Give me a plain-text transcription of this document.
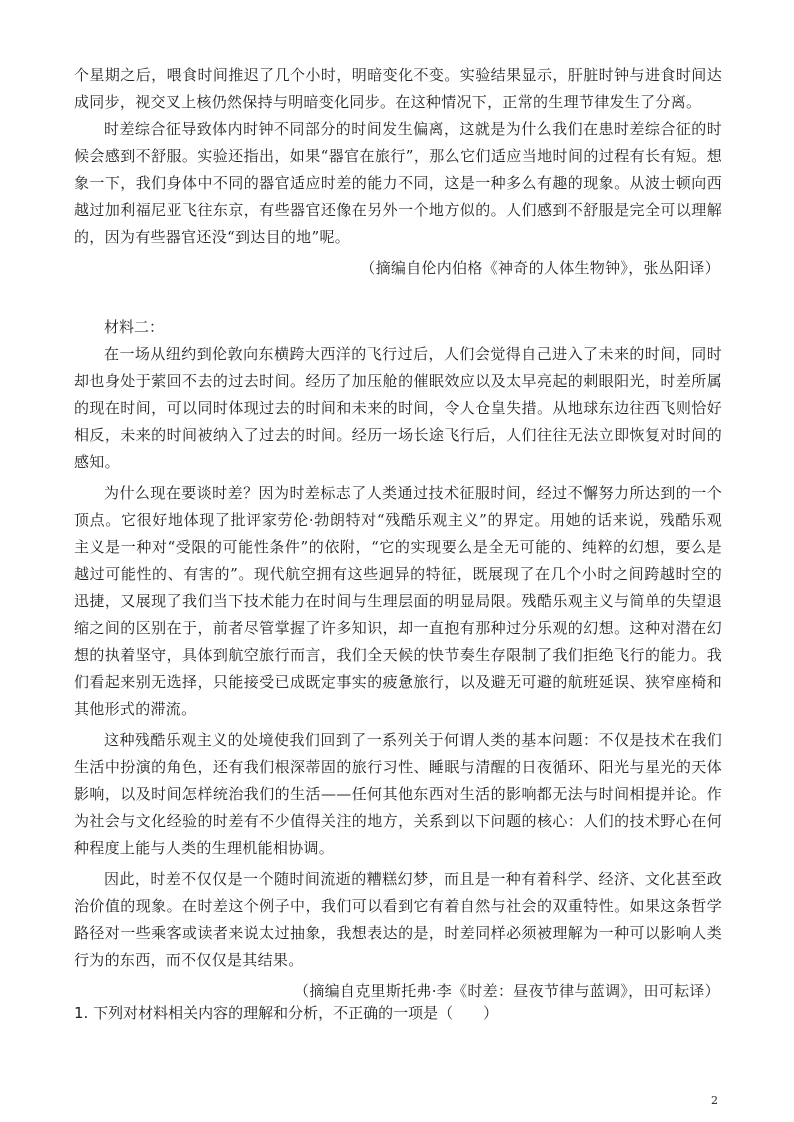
个星期之后，喂食时间推迟了几个小时，明暗变化不变。实验结果显示，肝脏时钟与进食时间达成同步，视交叉上核仍然保持与明暗变化同步。在这种情况下，正常的生理节律发生了分离。

时差综合征导致体内时钟不同部分的时间发生偏离，这就是为什么我们在患时差综合征的时候会感到不舒服。实验还指出，如果“器官在旅行”，那么它们适应当地时间的过程有长有短。想象一下，我们身体中不同的器官适应时差的能力不同，这是一种多么有趣的现象。从波士顿向西越过加利福尼亚飞往东京，有些器官还像在另外一个地方似的。人们感到不舒服是完全可以理解的，因为有些器官还没“到达目的地”呢。

（摘编自伦内伯格《神奇的人体生物钟》，张丛阳译）

材料二：

在一场从纽约到伦敦向东横跨大西洋的飞行过后，人们会觉得自己进入了未来的时间，同时却也身处于萦回不去的过去时间。经历了加压舱的催眠效应以及太早亮起的刺眼阳光，时差所属的现在时间，可以同时体现过去的时间和未来的时间，令人仓皇失措。从地球东边往西飞则恰好相反，未来的时间被纳入了过去的时间。经历一场长途飞行后，人们往往无法立即恢复对时间的感知。

为什么现在要谈时差？因为时差标志了人类通过技术征服时间，经过不懈努力所达到的一个顶点。它很好地体现了批评家劳伦·勃朗特对“残酷乐观主义”的界定。用她的话来说，残酷乐观主义是一种对“受限的可能性条件”的依附，“它的实现要么是全无可能的、纯粹的幻想，要么是越过可能性的、有害的”。现代航空拥有这些迥异的特征，既展现了在几个小时之间跨越时空的迅捷，又展现了我们当下技术能力在时间与生理层面的明显局限。残酷乐观主义与简单的失望退缩之间的区别在于，前者尽管掌握了许多知识，却一直抱有那种过分乐观的幻想。这种对潜在幻想的执着坚守，具体到航空旅行而言，我们全天候的快节奏生存限制了我们拒绝飞行的能力。我们看起来别无选择，只能接受已成既定事实的疲惫旅行，以及避无可避的航班延误、狭窄座椅和其他形式的滞流。

这种残酷乐观主义的处境使我们回到了一系列关于何谓人类的基本问题：不仅是技术在我们生活中扮演的角色，还有我们根深蒂固的旅行习性、睡眠与清醒的日夜循环、阳光与星光的天体影响，以及时间怎样统治我们的生活——任何其他东西对生活的影响都无法与时间相提并论。作为社会与文化经验的时差有不少值得关注的地方，关系到以下问题的核心：人们的技术野心在何种程度上能与人类的生理机能相协调。

因此，时差不仅仅是一个随时间流逝的糟糕幻梦，而且是一种有着科学、经济、文化甚至政治价值的现象。在时差这个例子中，我们可以看到它有着自然与社会的双重特性。如果这条哲学路径对一些乘客或读者来说太过抽象，我想表达的是，时差同样必须被理解为一种可以影响人类行为的东西，而不仅仅是其结果。

（摘编自克里斯托弗·李《时差：昼夜节律与蓝调》，田可耘译）

1. 下列对材料相关内容的理解和分析，不正确的一项是（　　）

2
